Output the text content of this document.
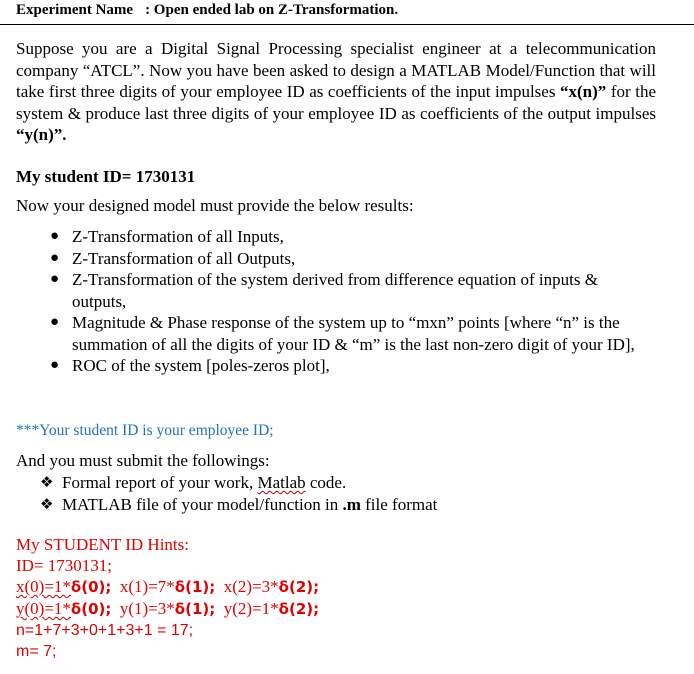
Experiment Name : Open ended lab on Z-Transformation.

Suppose you are a Digital Signal Processing specialist engineer at a telecommunication company “ATCL”. Now you have been asked to design a MATLAB Model/Function that will take first three digits of your employee ID as coefficients of the input impulses “x(n)” for the system & produce last three digits of your employee ID as coefficients of the output impulses “y(n)”.

My student ID= 1730131
Now your designed model must provide the below results:
● Z-Transformation of all Inputs,
● Z-Transformation of all Outputs,
● Z-Transformation of the system derived from difference equation of inputs & outputs,
● Magnitude & Phase response of the system up to “mxn” points [where “n” is the summation of all the digits of your ID & “m” is the last non-zero digit of your ID],
● ROC of the system [poles-zeros plot],
***Your student ID is your employee ID;
And you must submit the followings:
❖ Formal report of your work, Matlab code.
❖ MATLAB file of your model/function in .m file format
My STUDENT ID Hints:
ID= 1730131;
x(0)=1*δ(0); x(1)=7*δ(1); x(2)=3*δ(2);
y(0)=1*δ(0); y(1)=3*δ(1); y(2)=1*δ(2);
n=1+7+3+0+1+3+1 = 17;
m= 7;
